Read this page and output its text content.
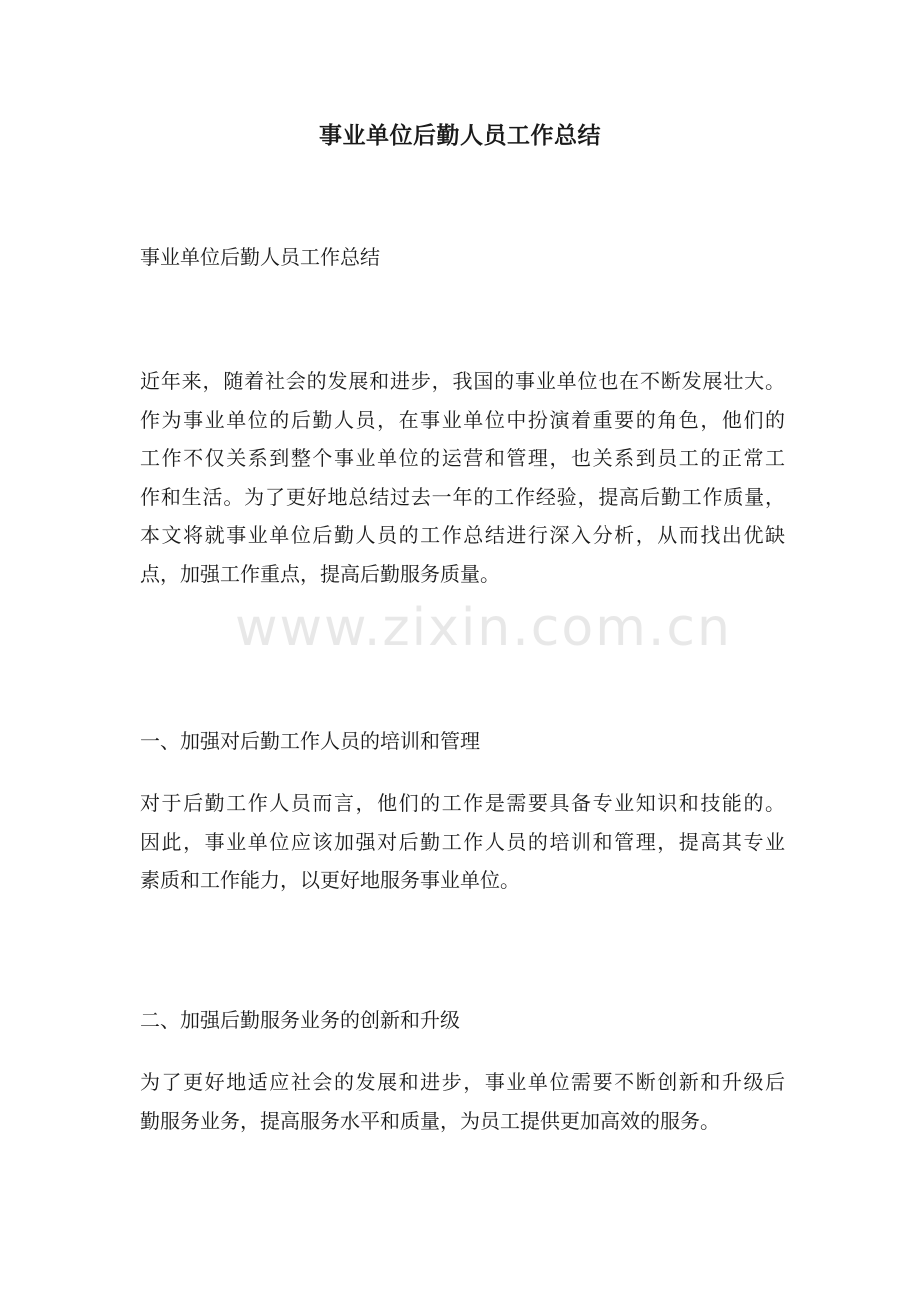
www.zixin.com.cn
事业单位后勤人员工作总结

事业单位后勤人员工作总结

近年来，随着社会的发展和进步，我国的事业单位也在不断发展壮大。
作为事业单位的后勤人员，在事业单位中扮演着重要的角色，他们的
工作不仅关系到整个事业单位的运营和管理，也关系到员工的正常工
作和生活。为了更好地总结过去一年的工作经验，提高后勤工作质量，
本文将就事业单位后勤人员的工作总结进行深入分析，从而找出优缺
点，加强工作重点，提高后勤服务质量。

一、加强对后勤工作人员的培训和管理

对于后勤工作人员而言，他们的工作是需要具备专业知识和技能的。
因此，事业单位应该加强对后勤工作人员的培训和管理，提高其专业
素质和工作能力，以更好地服务事业单位。

二、加强后勤服务业务的创新和升级

为了更好地适应社会的发展和进步，事业单位需要不断创新和升级后
勤服务业务，提高服务水平和质量，为员工提供更加高效的服务。
